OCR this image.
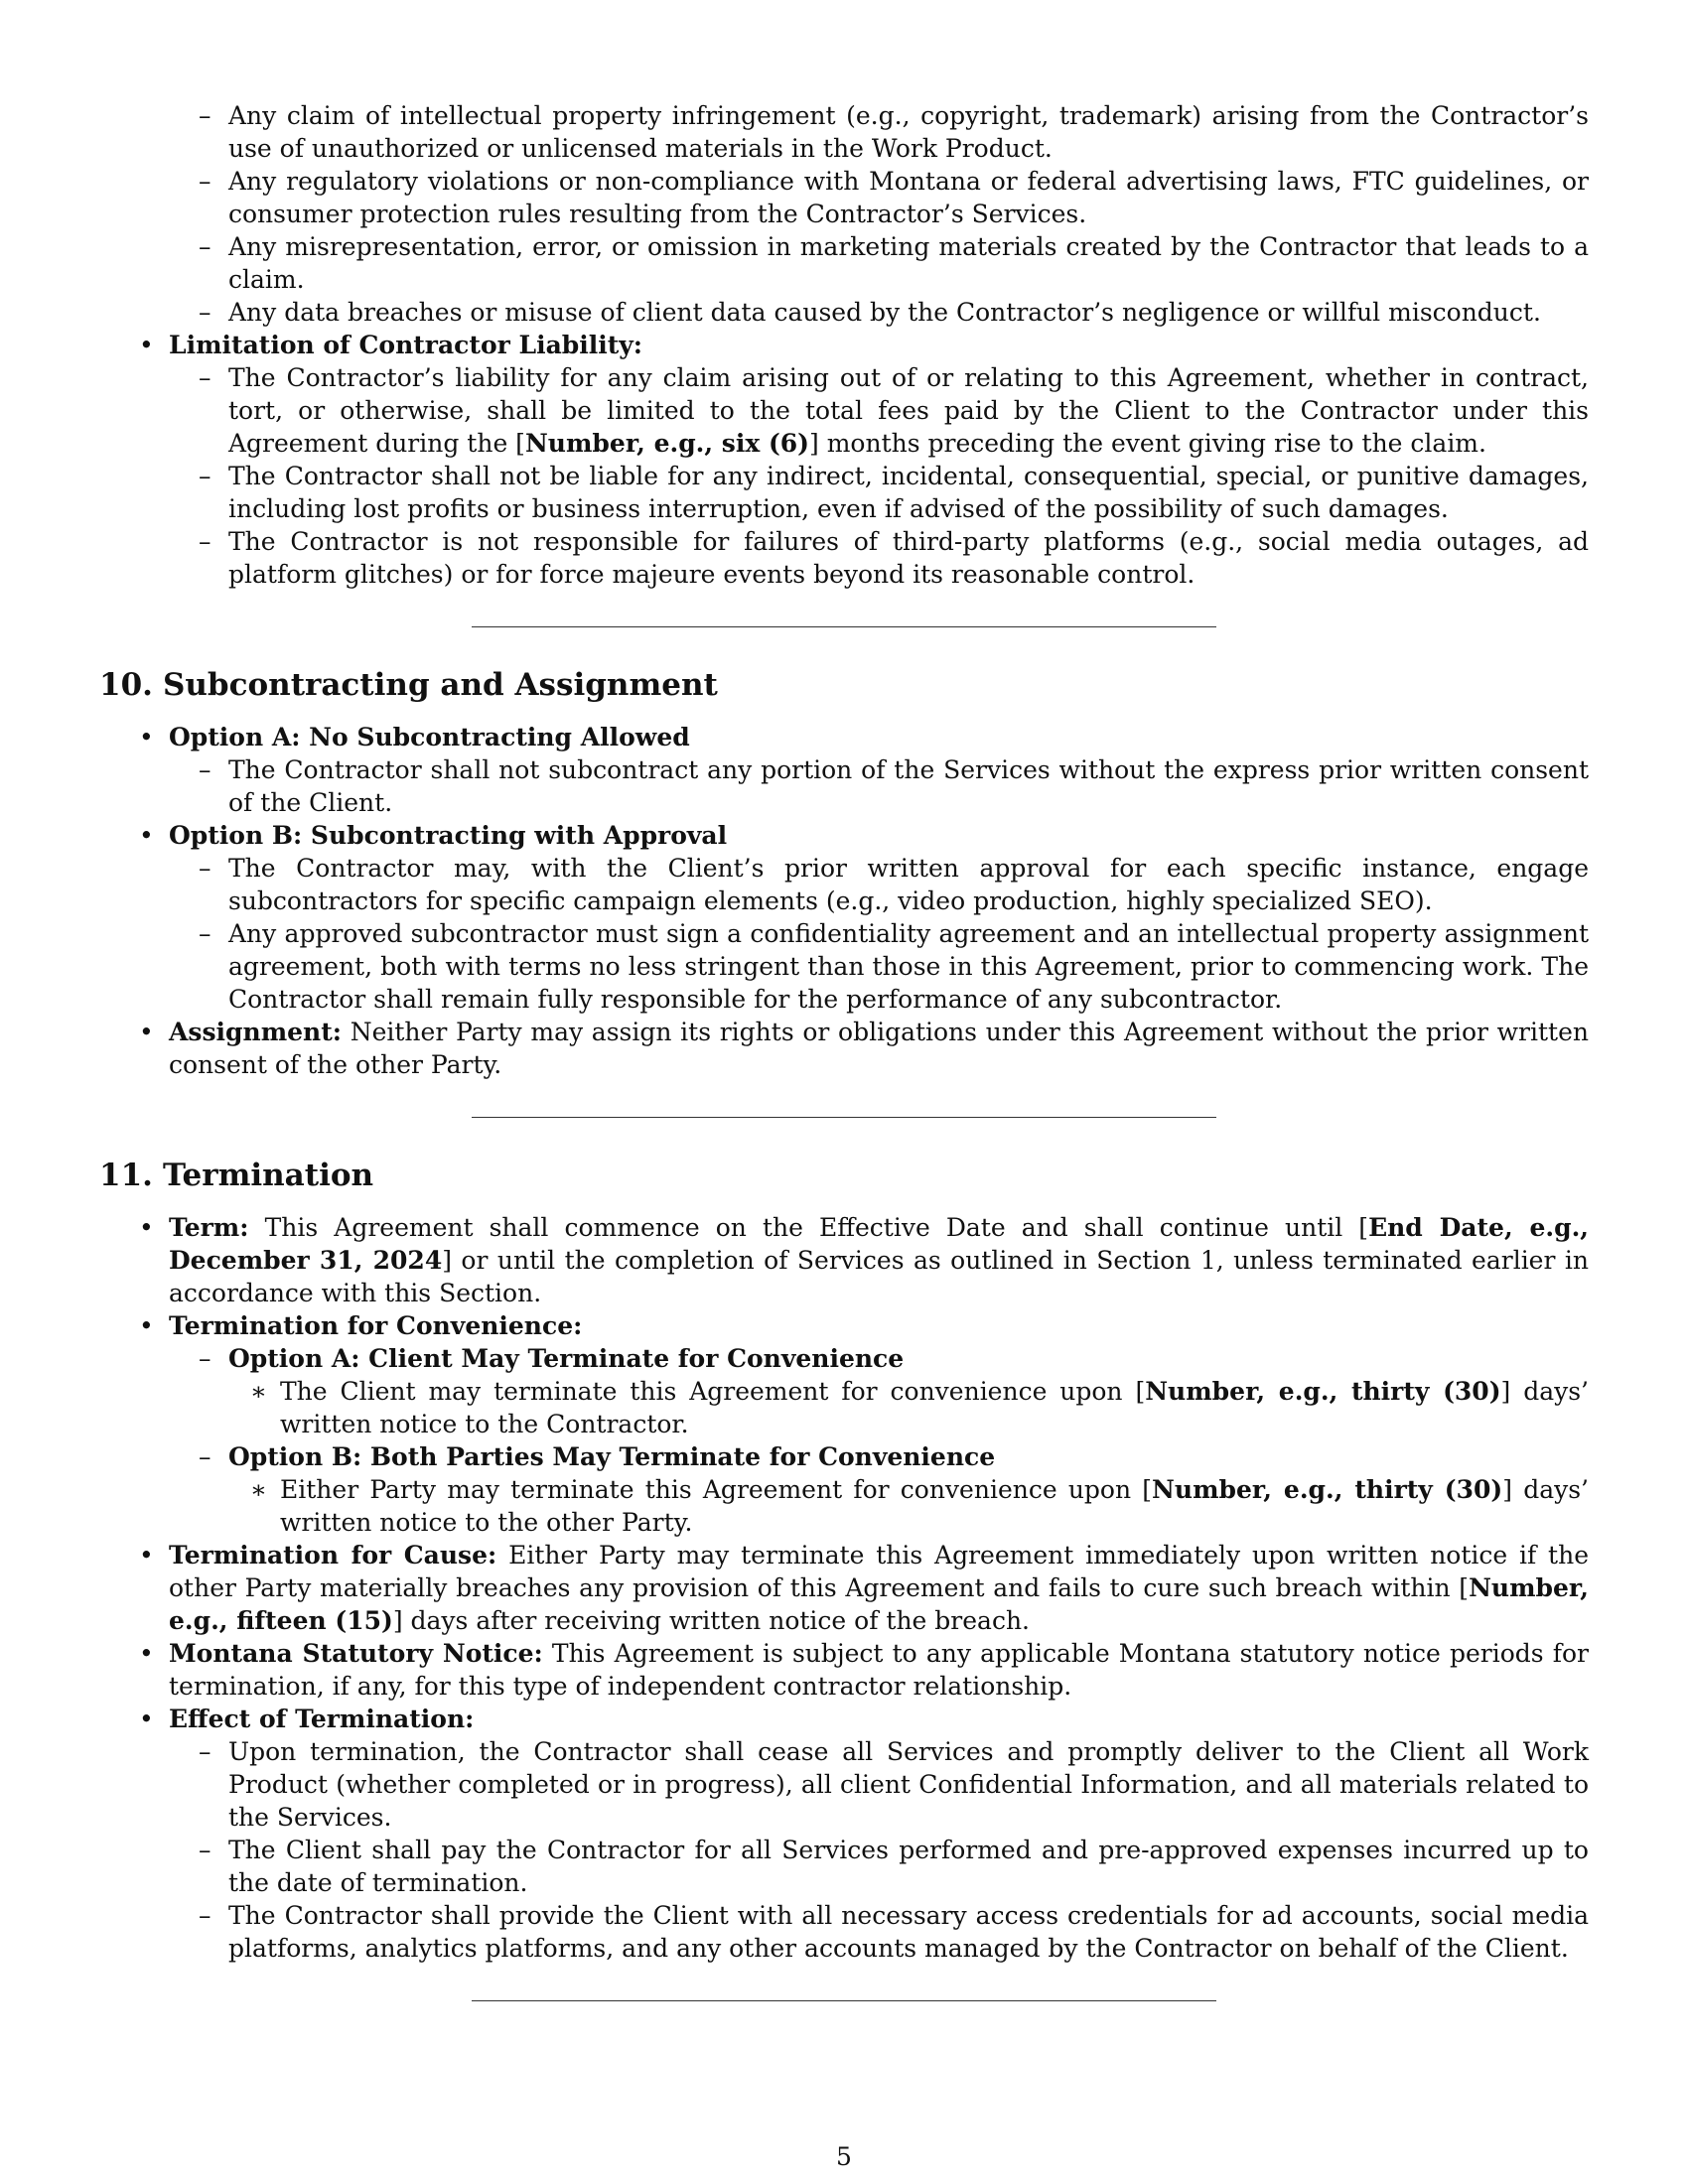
– Any claim of intellectual property infringement (e.g., copyright, trademark) arising from the Contractor’s use of unauthorized or unlicensed materials in the Work Product.
– Any regulatory violations or non-compliance with Montana or federal advertising laws, FTC guidelines, or consumer protection rules resulting from the Contractor’s Services.
– Any misrepresentation, error, or omission in marketing materials created by the Contractor that leads to a claim.
– Any data breaches or misuse of client data caused by the Contractor’s negligence or willful misconduct.
• Limitation of Contractor Liability:
– The Contractor’s liability for any claim arising out of or relating to this Agreement, whether in contract, tort, or otherwise, shall be limited to the total fees paid by the Client to the Contractor under this Agreement during the [Number, e.g., six (6)] months preceding the event giving rise to the claim.
– The Contractor shall not be liable for any indirect, incidental, consequential, special, or punitive damages, including lost profits or business interruption, even if advised of the possibility of such damages.
– The Contractor is not responsible for failures of third-party platforms (e.g., social media outages, ad platform glitches) or for force majeure events beyond its reasonable control.
10. Subcontracting and Assignment
• Option A: No Subcontracting Allowed
– The Contractor shall not subcontract any portion of the Services without the express prior written consent of the Client.
• Option B: Subcontracting with Approval
– The Contractor may, with the Client’s prior written approval for each specific instance, engage subcontractors for specific campaign elements (e.g., video production, highly specialized SEO).
– Any approved subcontractor must sign a confidentiality agreement and an intellectual property assignment agreement, both with terms no less stringent than those in this Agreement, prior to commencing work. The Contractor shall remain fully responsible for the performance of any subcontractor.
• Assignment: Neither Party may assign its rights or obligations under this Agreement without the prior written consent of the other Party.
11. Termination
• Term: This Agreement shall commence on the Effective Date and shall continue until [End Date, e.g., December 31, 2024] or until the completion of Services as outlined in Section 1, unless terminated earlier in accordance with this Section.
• Termination for Convenience:
– Option A: Client May Terminate for Convenience
∗ The Client may terminate this Agreement for convenience upon [Number, e.g., thirty (30)] days’ written notice to the Contractor.
– Option B: Both Parties May Terminate for Convenience
∗ Either Party may terminate this Agreement for convenience upon [Number, e.g., thirty (30)] days’ written notice to the other Party.
• Termination for Cause: Either Party may terminate this Agreement immediately upon written notice if the other Party materially breaches any provision of this Agreement and fails to cure such breach within [Number, e.g., fifteen (15)] days after receiving written notice of the breach.
• Montana Statutory Notice: This Agreement is subject to any applicable Montana statutory notice periods for termination, if any, for this type of independent contractor relationship.
• Effect of Termination:
– Upon termination, the Contractor shall cease all Services and promptly deliver to the Client all Work Product (whether completed or in progress), all client Confidential Information, and all materials related to the Services.
– The Client shall pay the Contractor for all Services performed and pre-approved expenses incurred up to the date of termination.
– The Contractor shall provide the Client with all necessary access credentials for ad accounts, social media platforms, analytics platforms, and any other accounts managed by the Contractor on behalf of the Client.
5
